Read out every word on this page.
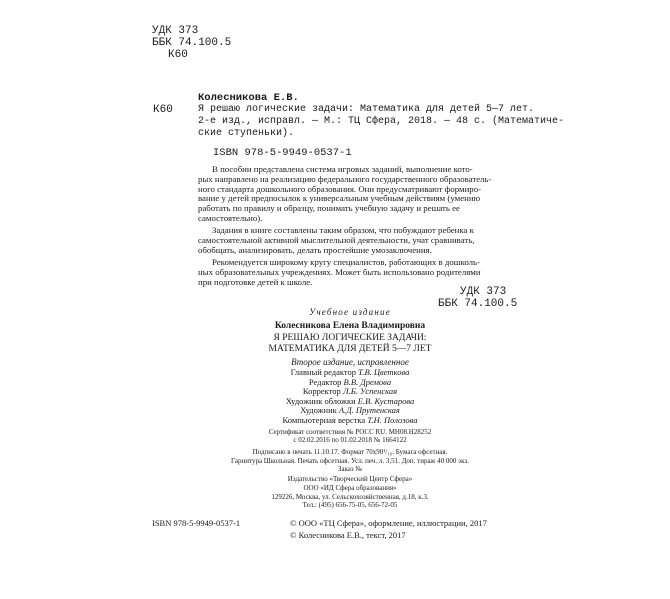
УДК 373
ББК 74.100.5
К60
К60
Колесникова Е.В.
Я решаю логические задачи: Математика для детей 5—7 лет.
2-е изд., исправл. — М.: ТЦ Сфера, 2018. — 48 с. (Математиче-
ские ступеньки).
ISBN 978-5-9949-0537-1
В пособии представлена система игровых заданий, выполнение кото-
рых направлено на реализацию федерального государственного образователь-
ного стандарта дошкольного образования. Они предусматривают формиро-
вание у детей предпосылок к универсальным учебным действиям (умению
работать по правилу и образцу, понимать учебную задачу и решать ее
самостоятельно).
Задания в книге составлены таким образом, что побуждают ребенка к
самостоятельной активной мыслительной деятельности, учат сравнивать,
обобщать, анализировать, делать простейшие умозаключения.
Рекомендуется широкому кругу специалистов, работающих в дошколь-
ных образовательных учреждениях. Может быть использовано родителями
при подготовке детей к школе.
УДК 373
ББК 74.100.5
Учебное издание
Колесникова Елена Владимировна
Я РЕШАЮ ЛОГИЧЕСКИЕ ЗАДАЧИ:
МАТЕМАТИКА ДЛЯ ДЕТЕЙ 5—7 ЛЕТ
Второе издание, исправленное
Главный редактор Т.В. Цветкова
Редактор В.В. Дремова
Корректор Л.Б. Успенская
Художник обложки Е.В. Кустарова
Художник А.Д. Прутенская
Компьютерная верстка Т.Н. Полозова
Сертификат соответствия № РОСС RU. МН08.Н28252
с 02.02.2016 по 01.02.2018 № 1664122
Подписано в печать 11.10.17. Формат 70х90¹/₁₆. Бумага офсетная.
Гарнитура Школьная. Печать офсетная. Усл. печ. л. 3,51. Доп. тираж 40 000 экз.
Заказ №
Издательство «Творческий Центр Сфера»
ООО «ИД Сфера образования»
129226, Москва, ул. Сельскохозяйственная, д.18, к.3.
Тел.: (495) 656-75-05, 656-72-05
ISBN 978-5-9949-0537-1	© ООО «ТЦ Сфера», оформление, иллюстрации, 2017
© Колесникова Е.В., текст, 2017
